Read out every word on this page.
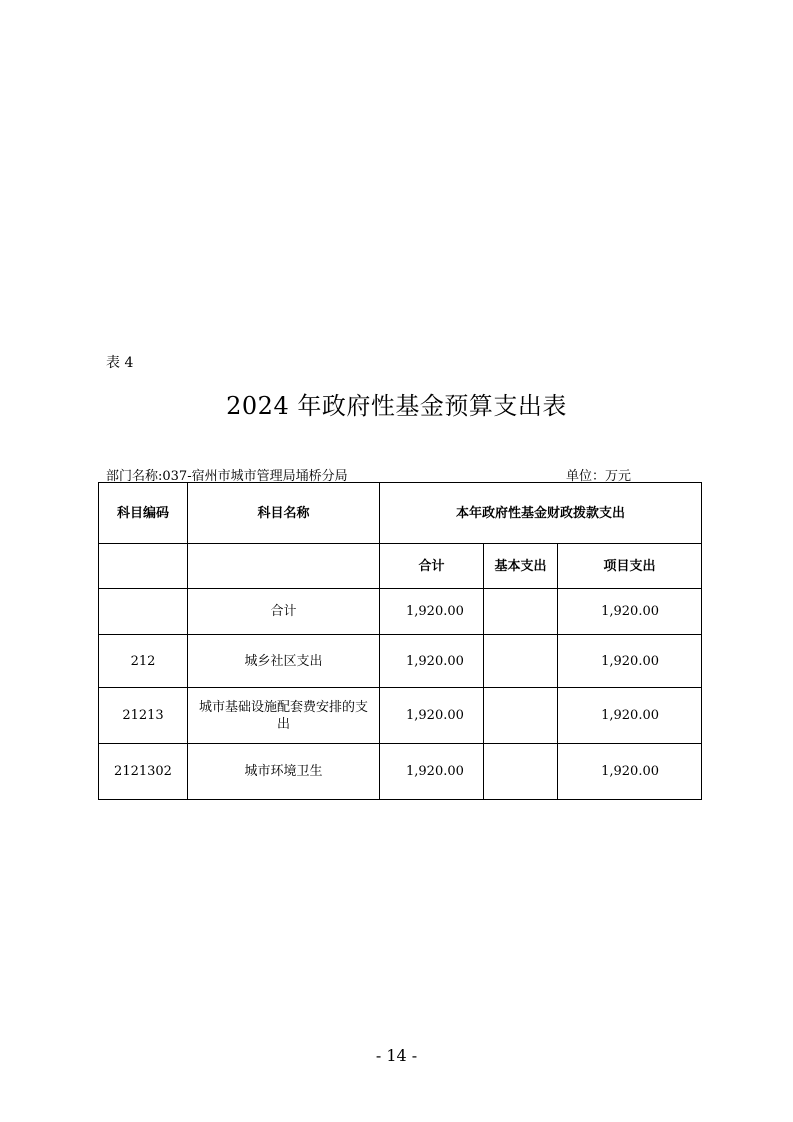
表 4
2024 年政府性基金预算支出表
部门名称:037-宿州市城市管理局埇桥分局	单位：万元
科目编码	科目名称	本年政府性基金财政拨款支出		
		合计	基本支出	项目支出
	合计	1,920.00		1,920.00
212	城乡社区支出	1,920.00		1,920.00
21213	城市基础设施配套费安排的支出	1,920.00		1,920.00
2121302	城市环境卫生	1,920.00		1,920.00
- 14 -
